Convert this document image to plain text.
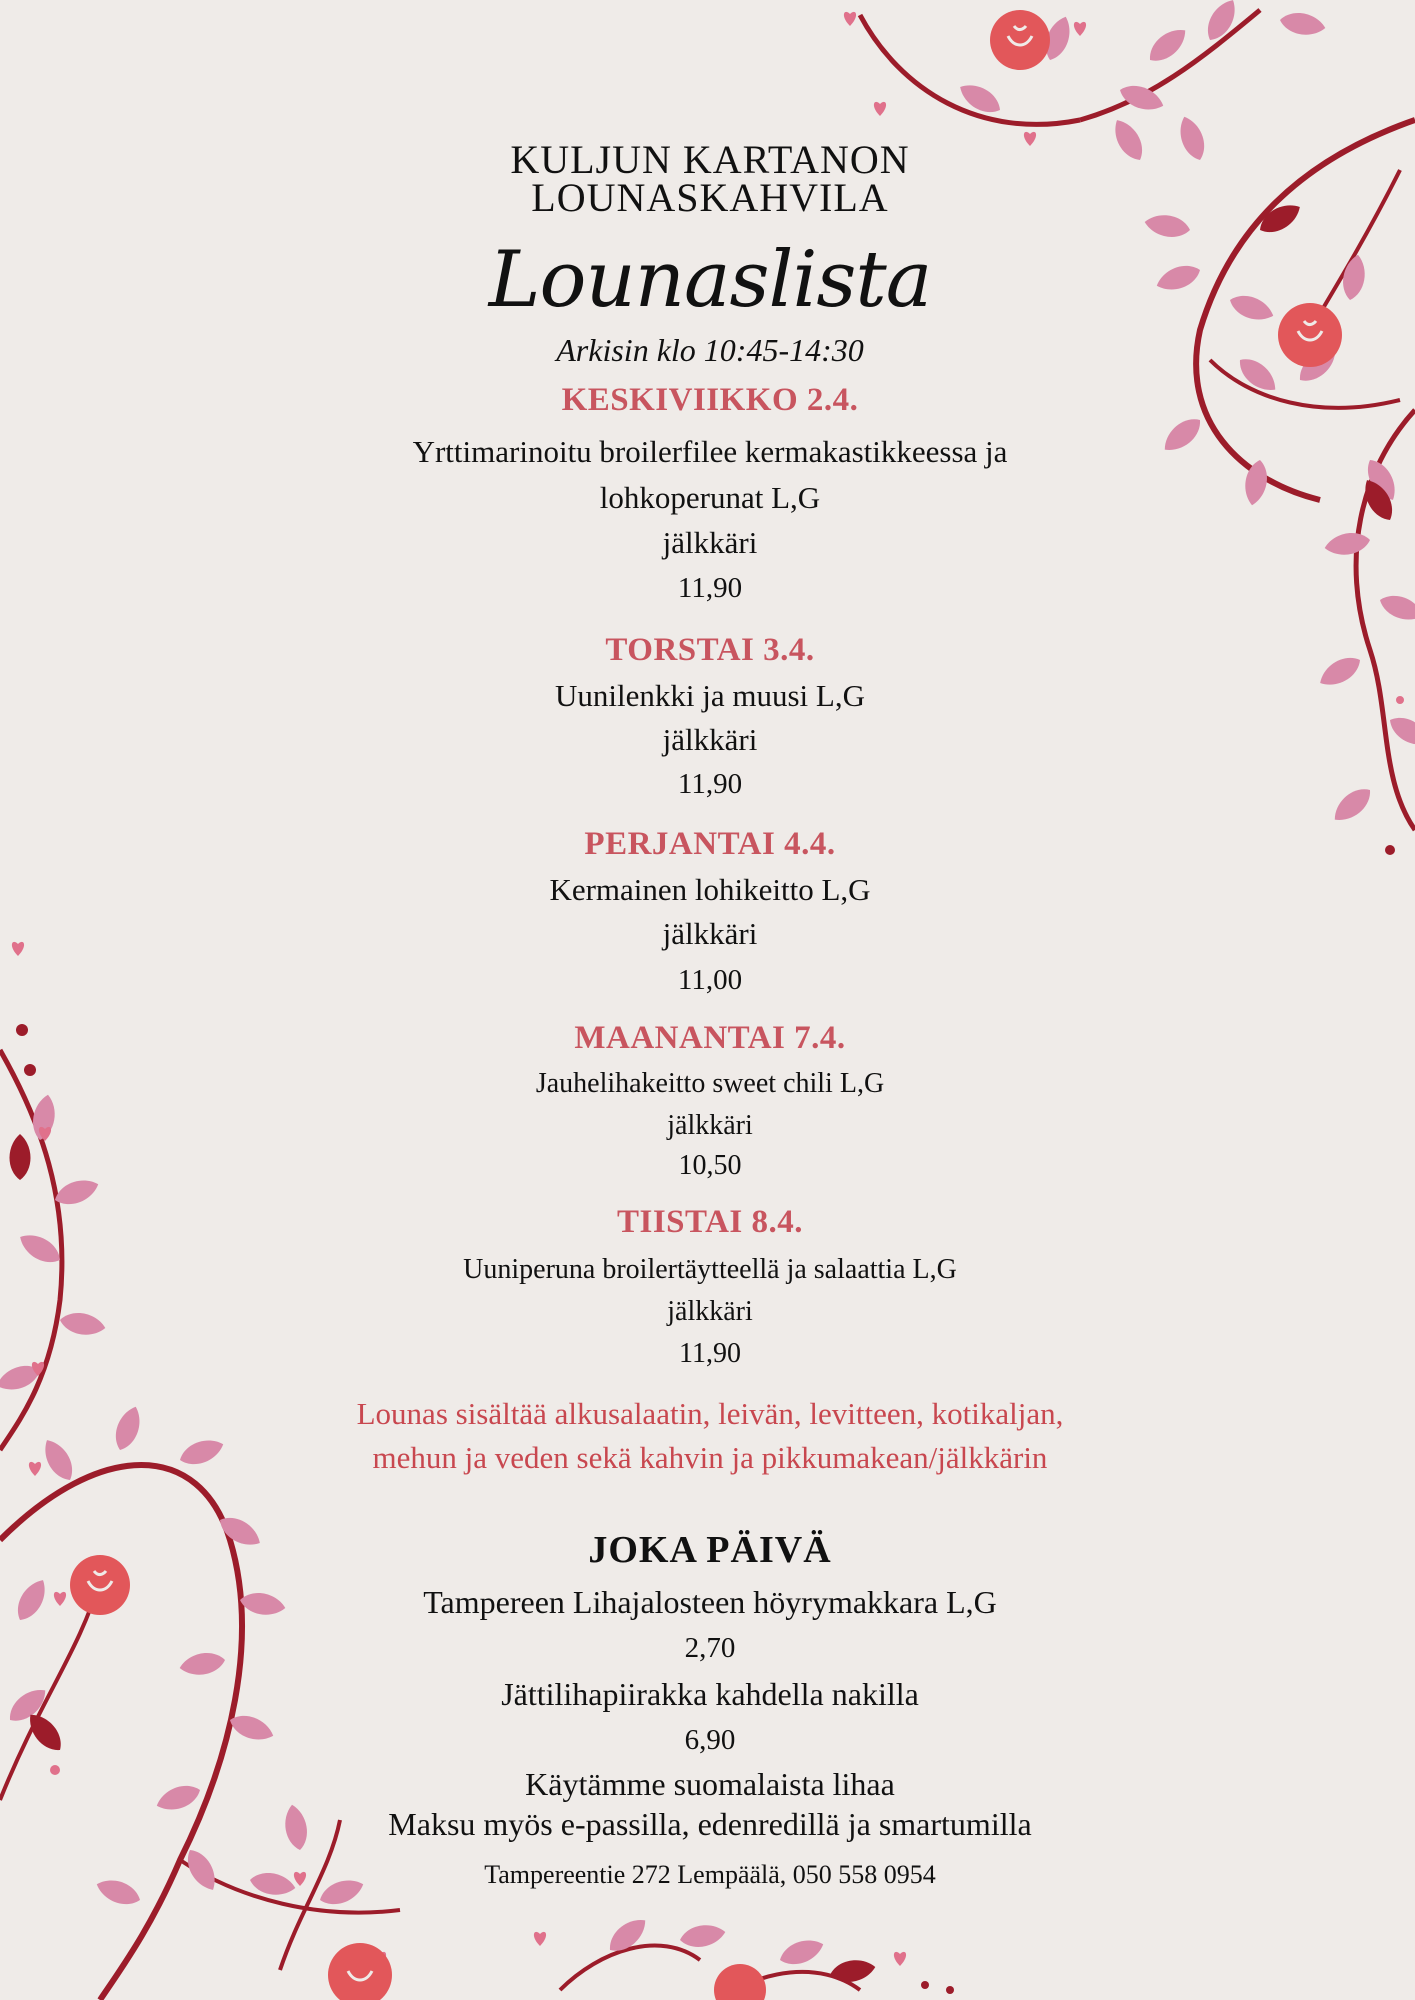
KULJUN KARTANON
LOUNASKAHVILA
Lounaslista
Arkisin klo 10:45-14:30
KESKIVIIKKO 2.4.
Yrttimarinoitu broilerfilee kermakastikkeessa ja
lohkoperunat L,G
jälkkäri
11,90
TORSTAI 3.4.
Uunilenkki ja muusi L,G
jälkkäri
11,90
PERJANTAI 4.4.
Kermainen lohikeitto L,G
jälkkäri
11,00
MAANANTAI 7.4.
Jauhelihakeitto sweet chili L,G
jälkkäri
10,50
TIISTAI 8.4.
Uuniperuna broilertäytteellä ja salaattia L,G
jälkkäri
11,90
Lounas sisältää alkusalaatin, leivän, levitteen, kotikaljan,
mehun ja veden sekä kahvin ja pikkumakean/jälkkärin
JOKA PÄIVÄ
Tampereen Lihajalosteen höyrymakkara L,G
2,70
Jättilihapiirakka kahdella nakilla
6,90
Käytämme suomalaista lihaa
Maksu myös e-passilla, edenredillä ja smartumilla
Tampereentie 272 Lempäälä, 050 558 0954
